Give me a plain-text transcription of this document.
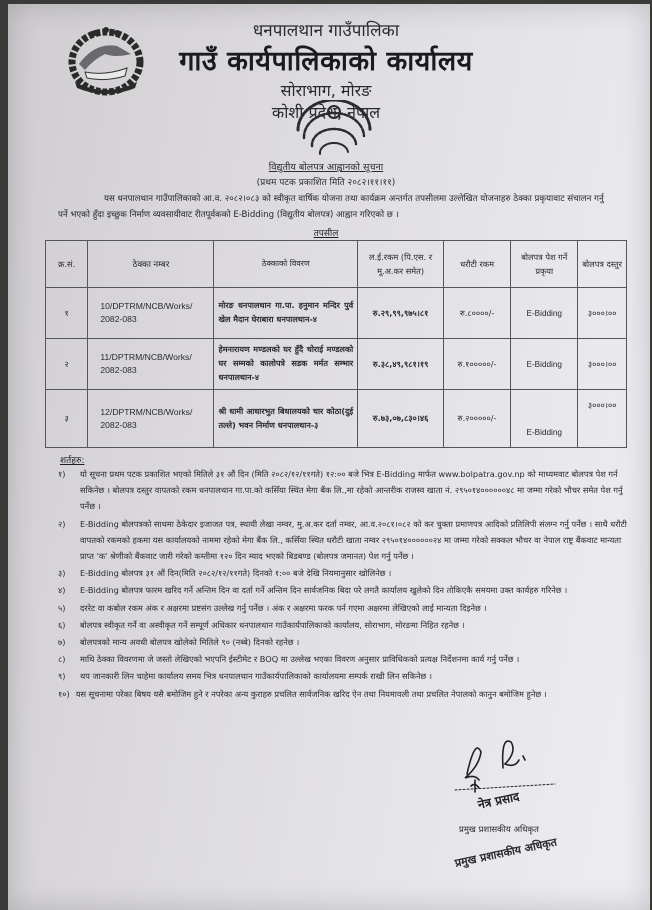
धनपालथान गाउँपालिका
गाउँ कार्यपालिकाको कार्यालय
सोराभाग, मोरङ
कोशी प्रदेश, नेपाल
विद्युतीय बोलपत्र आह्वानको सूचना
(प्रथम पटक प्रकाशित मिति २०८२।११।११)
यस धनपालथान गाउँपालिकाको आ.व. २०८२।०८३ को स्वीकृत वार्षिक योजना तथा कार्यक्रम अन्तर्गत तपसीलमा उल्लेखित योजनाहरु ठेक्का प्रकृयावाट संचालन गर्नु पर्ने भएको हुँदा इच्छुक निर्माण व्यवसायीवाट रीतपूर्वकको E-Bidding (विद्युतीय बोलपत्र) आह्वान गरिएको छ ।
तपसील
क्र.सं.	ठेक्का नम्बर	ठेक्काको विवरण	ल.ई.रकम (पि.एस. र मू.अ.कर समेत)	धरौटी रकम	बोलपत्र पेश गर्ने प्रकृया	बोलपत्र दस्तुर
१	10/DPTRM/NCB/Works/ 2082-083	मोरङ धनपालथान गा.पा. हनुमान मन्दिर पुर्व खेल मैदान घेराबारा धनपालथान-४	रु.२९,९९,९७५।८१	रु.८००००/-	E-Bidding	३०००।००
२	11/DPTRM/NCB/Works/ 2082-083	हेमनारायण मण्डलको घर हुँदै चोराई मण्डलको घर सम्मको कालोपत्रे सडक मर्मत सम्भार धनपालथान-४	रु.३८,४९,९८१।१९	रु.१०००००/-	E-Bidding	३०००।००
३	12/DPTRM/NCB/Works/ 2082-083	श्री धामी आधारभुत बिधालयको चार कोठा(दुई तल्ले) भवन निर्माण धनपालथान-३	रु.७३,०७,८३०।४६	रु.२०००००/-	E-Bidding	३०००।००
शर्तहरु:
१) यो सूचना प्रथम पटक प्रकाशित भएको मितिले ३१ औं दिन (मिति २०८२/१२/११गते) १२:०० बजे भित्र E-Bidding मार्फत www.bolpatra.gov.np को माध्यमवाट बोलपत्र पेश गर्न सकिनेछ । बोलपत्र दस्तुर वापतको रकम धनपालथान गा.पा.को कसिँया स्थित मेगा बैंक लि.,मा रहेको आन्तरीक राजस्व खाता नं. २९५०१४००००००४८ मा जम्मा गरेको भौचर समेत पेश गर्नु पर्नेछ ।
२) E-Bidding बोलपत्रको साथमा ठेकेदार इजाजत पत्र, स्थायी लेखा नम्वर, मु.अ.कर दर्ता नम्वर, आ.व.२०८१।०८२ को कर चुक्ता प्रमाणपत्र आदिको प्रतिलिपी संलग्न गर्नु पर्नेछ । साथै धरौटी वापतको रकमको हकमा यस कार्यालयको नाममा रहेको मेगा बैंक लि., कसिँया स्थित धरौटी खाता नम्वर २९५०१४००००००२४ मा जम्मा गरेको सक्कल भौचर वा नेपाल राष्ट्र बैंकवाट मान्यता प्राप्त 'क' श्रेणीको बैंकवाट जारी गरेको कम्तीमा १२० दिन म्याद भएको बिडबण्ड (बोलपत्र जमानत) पेश गर्नु पर्नेछ ।
३) E-Bidding बोलपत्र ३१ औं दिन(मिति २०८२/१२/११गते) दिनको १:०० बजे देखि नियमानुसार खोलिनेछ ।
४) E-Bidding बोलपत्र फारम खरिद गर्ने अन्तिम दिन वा दर्ता गर्ने अन्तिम दिन सार्वजनिक बिदा परे लगतै कार्यालय खुलेको दिन तोकिएकै समयमा उक्त कार्यहरु गरिनेछ ।
५) दररेट वा कबोल रकम अंक र अक्षरमा प्रष्टसंग उल्लेख गर्नु पर्नेछ । अंक र अक्षरमा फरक पर्न गएमा अक्षरमा लेखिएको लाई मान्यता दिइनेछ ।
६) बोलपत्र स्वीकृत गर्ने वा अस्वीकृत गर्ने सम्पूर्ण अधिकार धनपालथान गाउँकार्यपालिकाको कार्यालय, सोराभाग, मोरङमा निहित रहनेछ ।
७) बोलपत्रको मान्य अवधी बोलपत्र खोलेको मितिले ९० (नब्बे) दिनको रहनेछ ।
८) माथि ठेक्का विवरणमा जे जस्तो लेखिएको भएपनि ईस्टीमेट र BOQ मा उल्लेख भएका विवरण अनुसार प्राविधिकको प्रत्यक्ष निर्देशनमा कार्य गर्नु पर्नेछ ।
९) थप जानकारी लिन चाहेमा कार्यालय समय भित्र धनपालथान गाउँकार्यपालिकाको कार्यालयमा सम्पर्क राखी लिन सकिनेछ ।
१०) यस सूचनामा परेका बिषय यसै बमोजिम हुने र नपरेका अन्य कुराहरु प्रचलित सार्वजनिक खरिद ऐन तथा नियमावली तथा प्रचलित नेपालको कानुन बमोजिम हुनेछ ।
नेत्र प्रसाद
प्रमुख प्रशासकीय अधिकृत
प्रमुख प्रशासकीय अधिकृत
